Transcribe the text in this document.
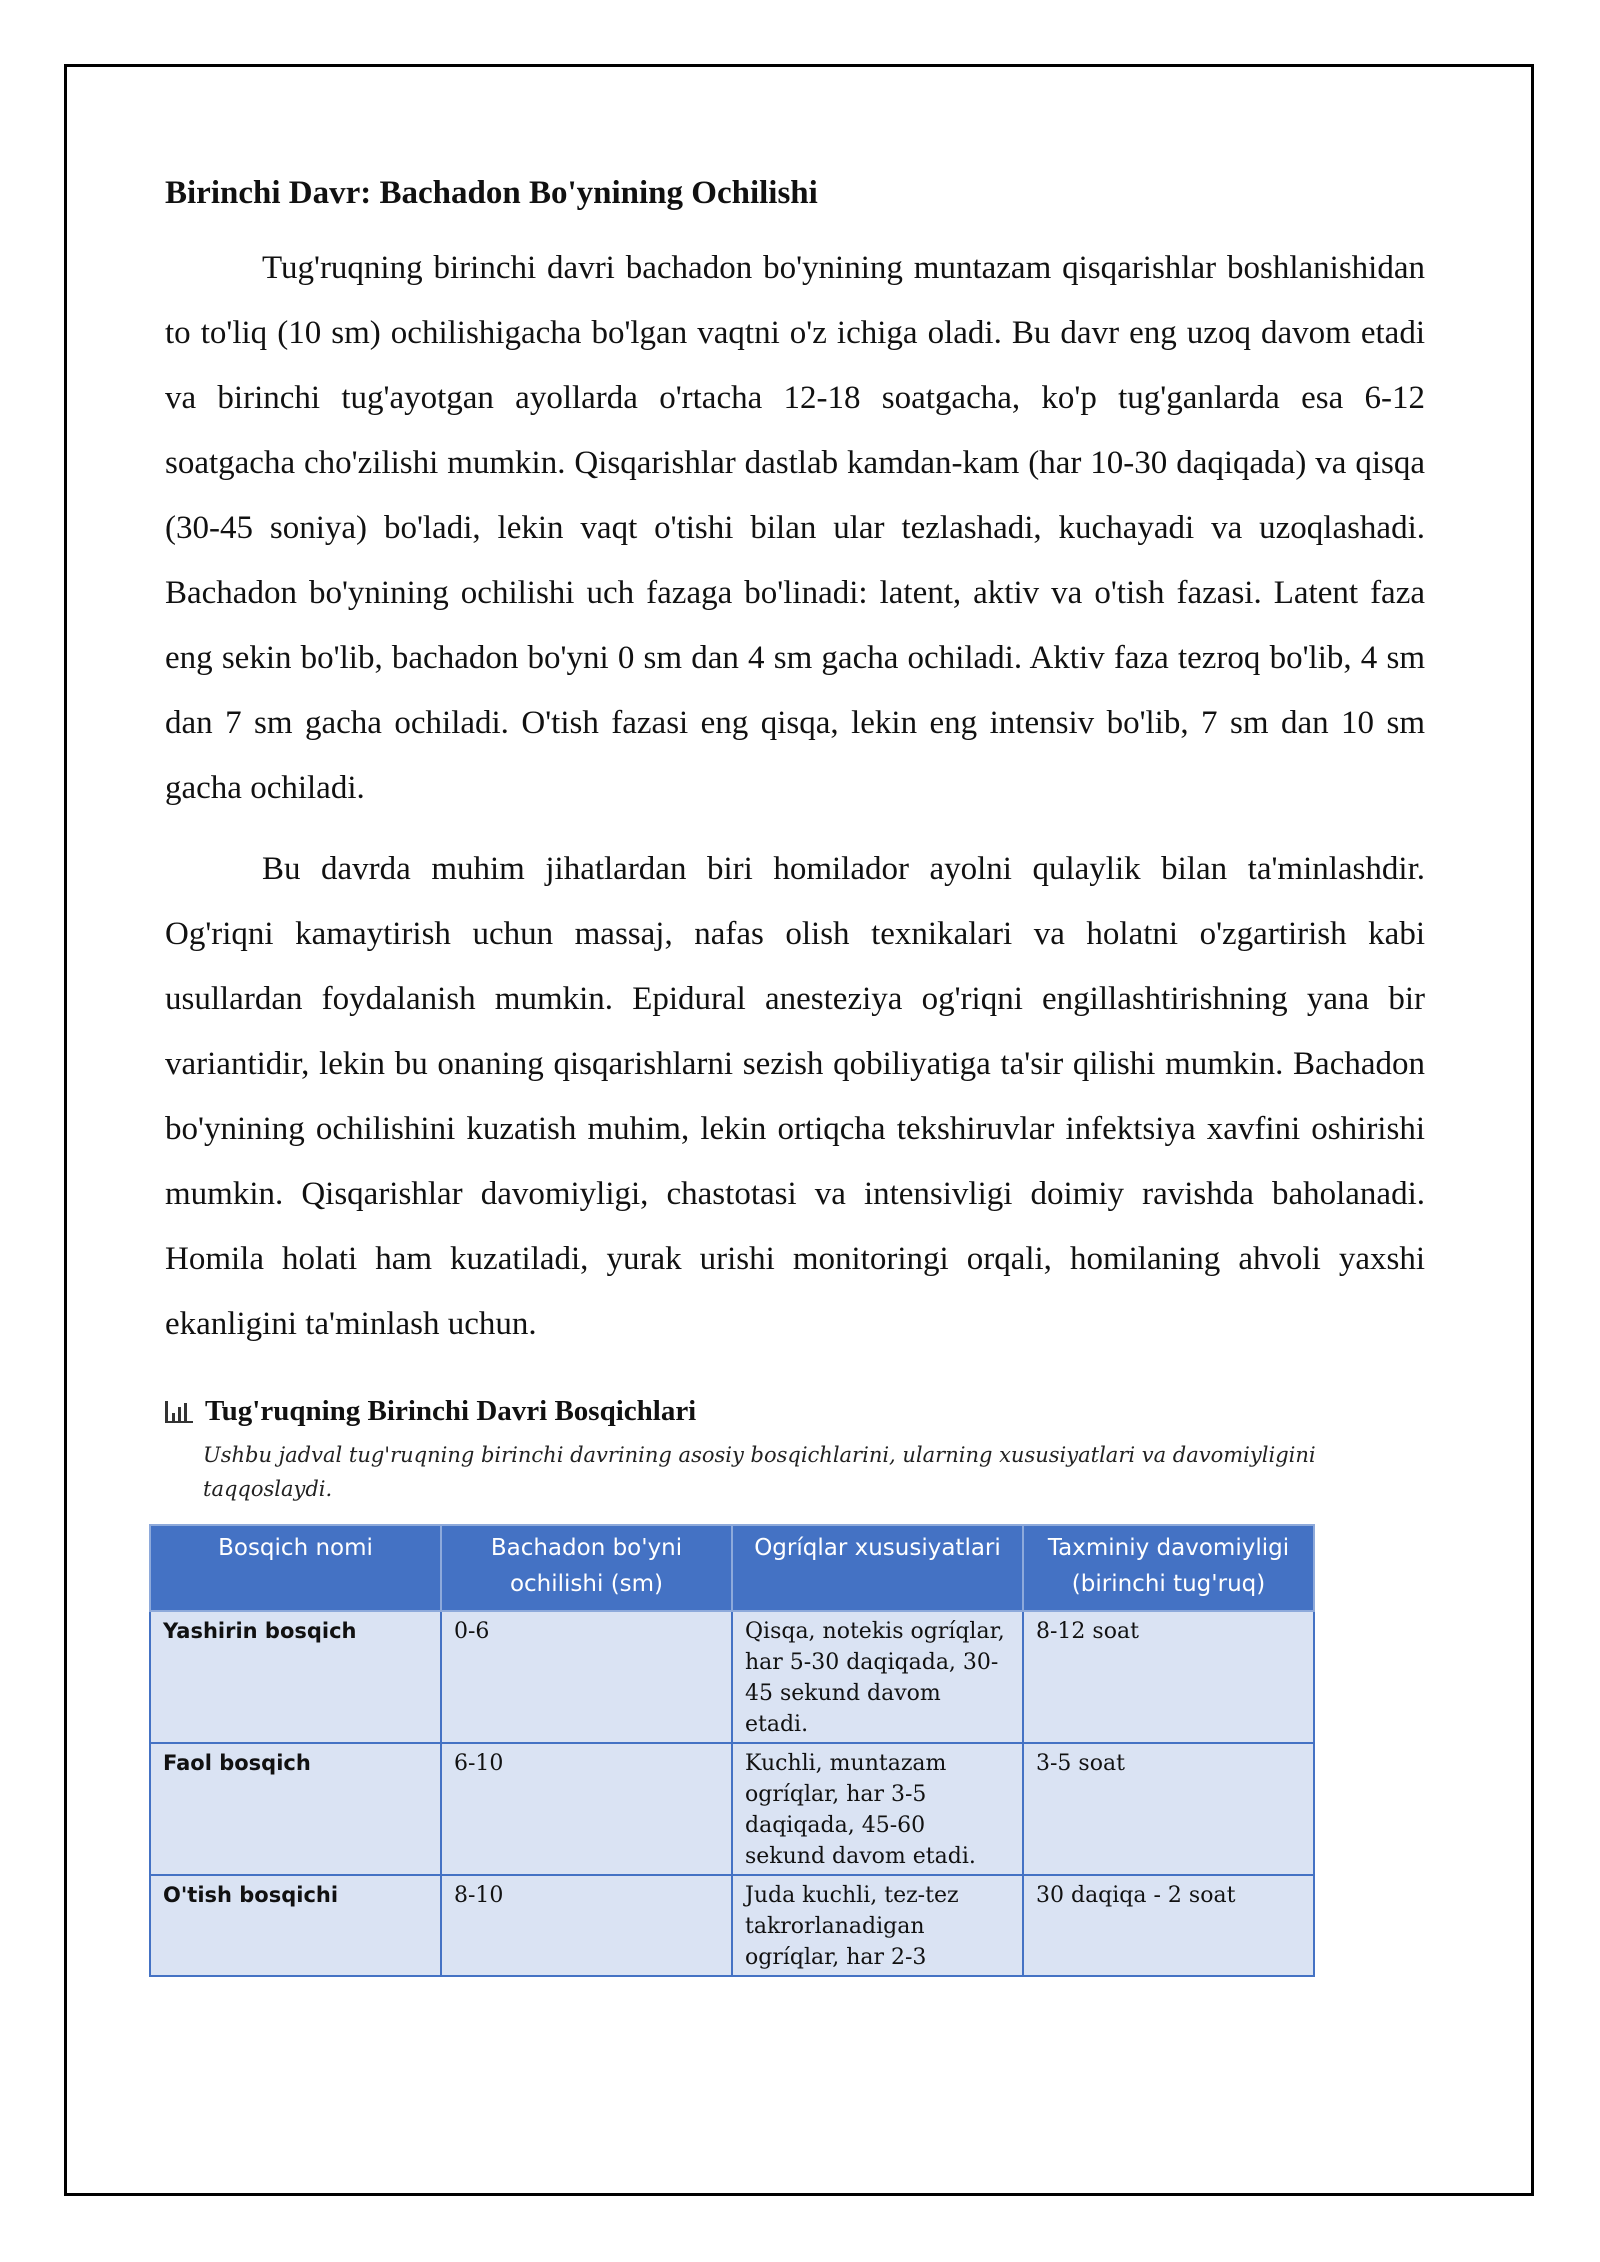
Birinchi Davr: Bachadon Bo'ynining Ochilishi

Tug'ruqning birinchi davri bachadon bo'ynining muntazam qisqarishlar boshlanishidan to to'liq (10 sm) ochilishigacha bo'lgan vaqtni o'z ichiga oladi. Bu davr eng uzoq davom etadi va birinchi tug'ayotgan ayollarda o'rtacha 12-18 soatgacha, ko'p tug'ganlarda esa 6-12 soatgacha cho'zilishi mumkin. Qisqarishlar dastlab kamdan-kam (har 10-30 daqiqada) va qisqa (30-45 soniya) bo'ladi, lekin vaqt o'tishi bilan ular tezlashadi, kuchayadi va uzoqlashadi. Bachadon bo'ynining ochilishi uch fazaga bo'linadi: latent, aktiv va o'tish fazasi. Latent faza eng sekin bo'lib, bachadon bo'yni 0 sm dan 4 sm gacha ochiladi. Aktiv faza tezroq bo'lib, 4 sm dan 7 sm gacha ochiladi. O'tish fazasi eng qisqa, lekin eng intensiv bo'lib, 7 sm dan 10 sm gacha ochiladi.

Bu davrda muhim jihatlardan biri homilador ayolni qulaylik bilan ta'minlashdir. Og'riqni kamaytirish uchun massaj, nafas olish texnikalari va holatni o'zgartirish kabi usullardan foydalanish mumkin. Epidural anesteziya og'riqni engillashtirishning yana bir variantidir, lekin bu onaning qisqarishlarni sezish qobiliyatiga ta'sir qilishi mumkin. Bachadon bo'ynining ochilishini kuzatish muhim, lekin ortiqcha tekshiruvlar infektsiya xavfini oshirishi mumkin. Qisqarishlar davomiyligi, chastotasi va intensivligi doimiy ravishda baholanadi. Homila holati ham kuzatiladi, yurak urishi monitoringi orqali, homilaning ahvoli yaxshi ekanligini ta'minlash uchun.

Tug'ruqning Birinchi Davri Bosqichlari
Ushbu jadval tug'ruqning birinchi davrining asosiy bosqichlarini, ularning xususiyatlari va davomiyligini taqqoslaydi.
Bosqich nomi	Bachadon bo'yni ochilishi (sm)	Ogríqlar xususiyatlari	Taxminiy davomiyligi (birinchi tug'ruq)
Yashirin bosqich	0-6	Qisqa, notekis ogríqlar, har 5-30 daqiqada, 30-45 sekund davom etadi.	8-12 soat
Faol bosqich	6-10	Kuchli, muntazam ogríqlar, har 3-5 daqiqada, 45-60 sekund davom etadi.	3-5 soat
O'tish bosqichi	8-10	Juda kuchli, tez-tez takrorlanadigan ogríqlar, har 2-3	30 daqiqa - 2 soat
